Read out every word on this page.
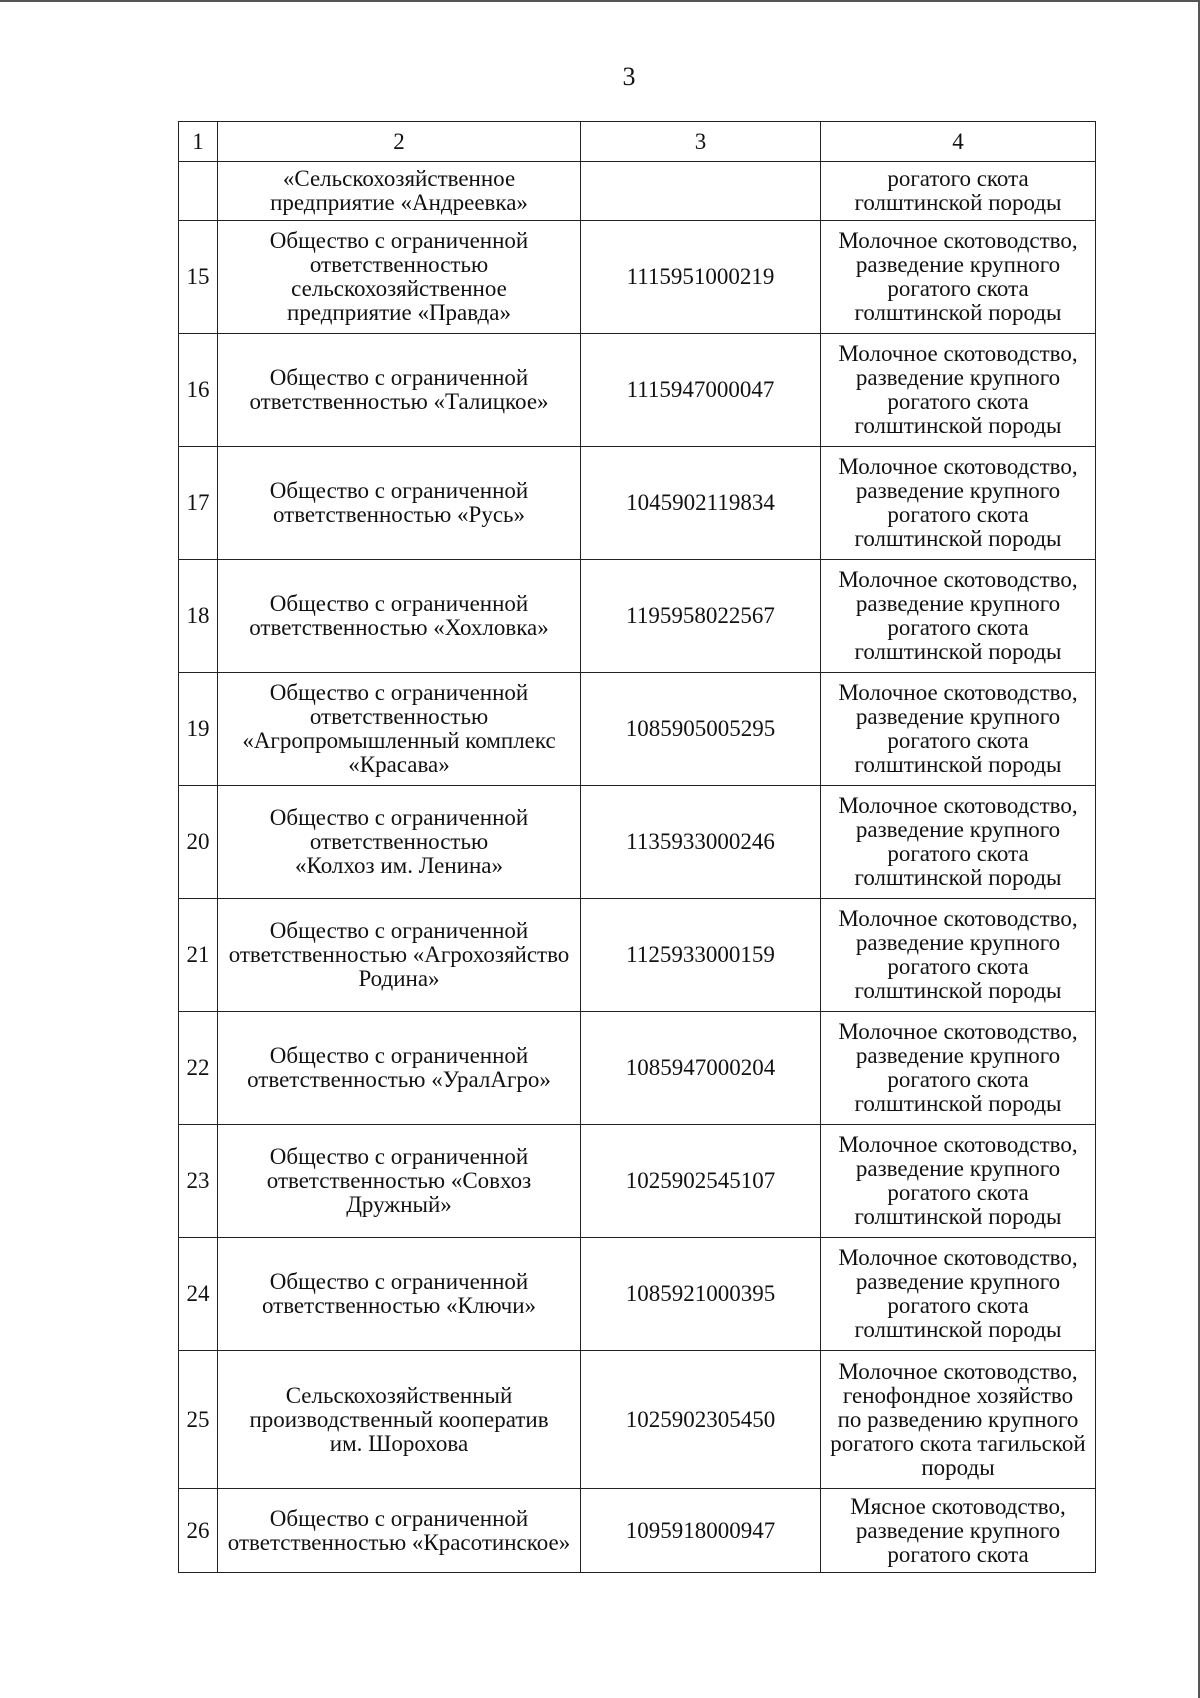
3
1	2	3	4
	«Сельскохозяйственное
предприятие «Андреевка»		рогатого скота
голштинской породы
15	Общество с ограниченной
ответственностью
сельскохозяйственное
предприятие «Правда»	1115951000219	Молочное скотоводство,
разведение крупного
рогатого скота
голштинской породы
16	Общество с ограниченной
ответственностью «Талицкое»	1115947000047	Молочное скотоводство,
разведение крупного
рогатого скота
голштинской породы
17	Общество с ограниченной
ответственностью «Русь»	1045902119834	Молочное скотоводство,
разведение крупного
рогатого скота
голштинской породы
18	Общество с ограниченной
ответственностью «Хохловка»	1195958022567	Молочное скотоводство,
разведение крупного
рогатого скота
голштинской породы
19	Общество с ограниченной
ответственностью
«Агропромышленный комплекс
«Красава»	1085905005295	Молочное скотоводство,
разведение крупного
рогатого скота
голштинской породы
20	Общество с ограниченной
ответственностью
«Колхоз им. Ленина»	1135933000246	Молочное скотоводство,
разведение крупного
рогатого скота
голштинской породы
21	Общество с ограниченной
ответственностью «Агрохозяйство
Родина»	1125933000159	Молочное скотоводство,
разведение крупного
рогатого скота
голштинской породы
22	Общество с ограниченной
ответственностью «УралАгро»	1085947000204	Молочное скотоводство,
разведение крупного
рогатого скота
голштинской породы
23	Общество с ограниченной
ответственностью «Совхоз
Дружный»	1025902545107	Молочное скотоводство,
разведение крупного
рогатого скота
голштинской породы
24	Общество с ограниченной
ответственностью «Ключи»	1085921000395	Молочное скотоводство,
разведение крупного
рогатого скота
голштинской породы
25	Сельскохозяйственный
производственный кооператив
им. Шорохова	1025902305450	Молочное скотоводство,
генофондное хозяйство
по разведению крупного
рогатого скота тагильской
породы
26	Общество с ограниченной
ответственностью «Красотинское»	1095918000947	Мясное скотоводство,
разведение крупного
рогатого скота
